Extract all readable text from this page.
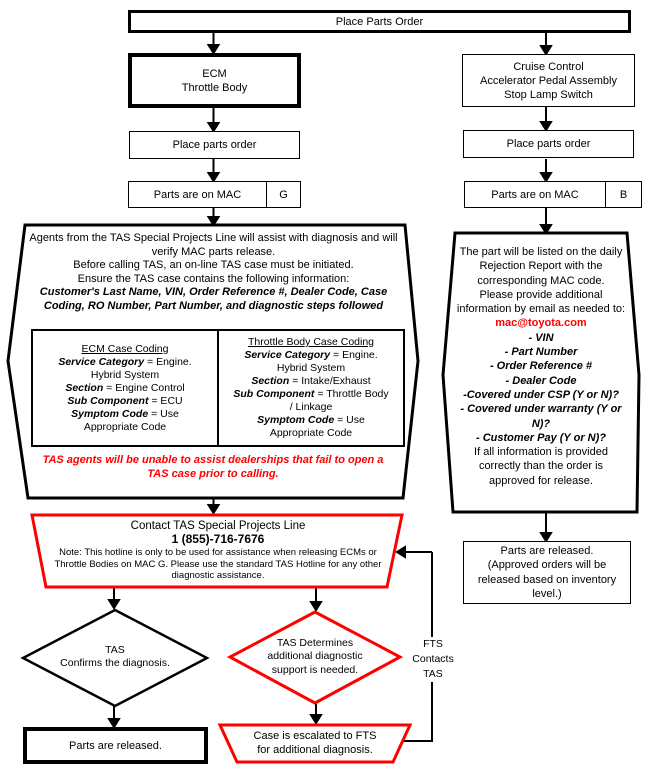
Place Parts Order
ECM
Throttle Body
Place parts order
Parts are on MAC	G
Cruise Control
Accelerator Pedal Assembly
Stop Lamp Switch
Place parts order
Parts are on MAC	B
Agents from the TAS Special Projects Line will assist with diagnosis and will verify MAC parts release.
Before calling TAS, an on-line TAS case must be initiated.
Ensure the TAS case contains the following information:
Customer's Last Name, VIN, Order Reference #, Dealer Code, Case Coding, RO Number, Part Number, and diagnostic steps followed
ECM Case Coding
Service Category = Engine. Hybrid System
Section = Engine Control
Sub Component = ECU
Symptom Code = Use Appropriate Code
Throttle Body Case Coding
Service Category = Engine. Hybrid System
Section = Intake/Exhaust
Sub Component = Throttle Body / Linkage
Symptom Code = Use Appropriate Code
TAS agents will be unable to assist dealerships that fail to open a TAS case prior to calling.
The part will be listed on the daily Rejection Report with the corresponding MAC code.
Please provide additional information by email as needed to: mac@toyota.com
- VIN
- Part Number
- Order Reference #
- Dealer Code
-Covered under CSP (Y or N)?
- Covered under warranty (Y or N)?
- Customer Pay (Y or N)?
If all information is provided correctly than the order is approved for release.
Parts are released.
(Approved orders will be released based on inventory level.)
Contact TAS Special Projects Line
1 (855)-716-7676
Note: This hotline is only to be used for assistance when releasing ECMs or Throttle Bodies on MAC G. Please use the standard TAS Hotline for any other diagnostic assistance.
TAS
Confirms the diagnosis.
TAS Determines
additional diagnostic
support is needed.
FTS
Contacts
TAS
Parts are released.
Case is escalated to FTS
for additional diagnosis.
